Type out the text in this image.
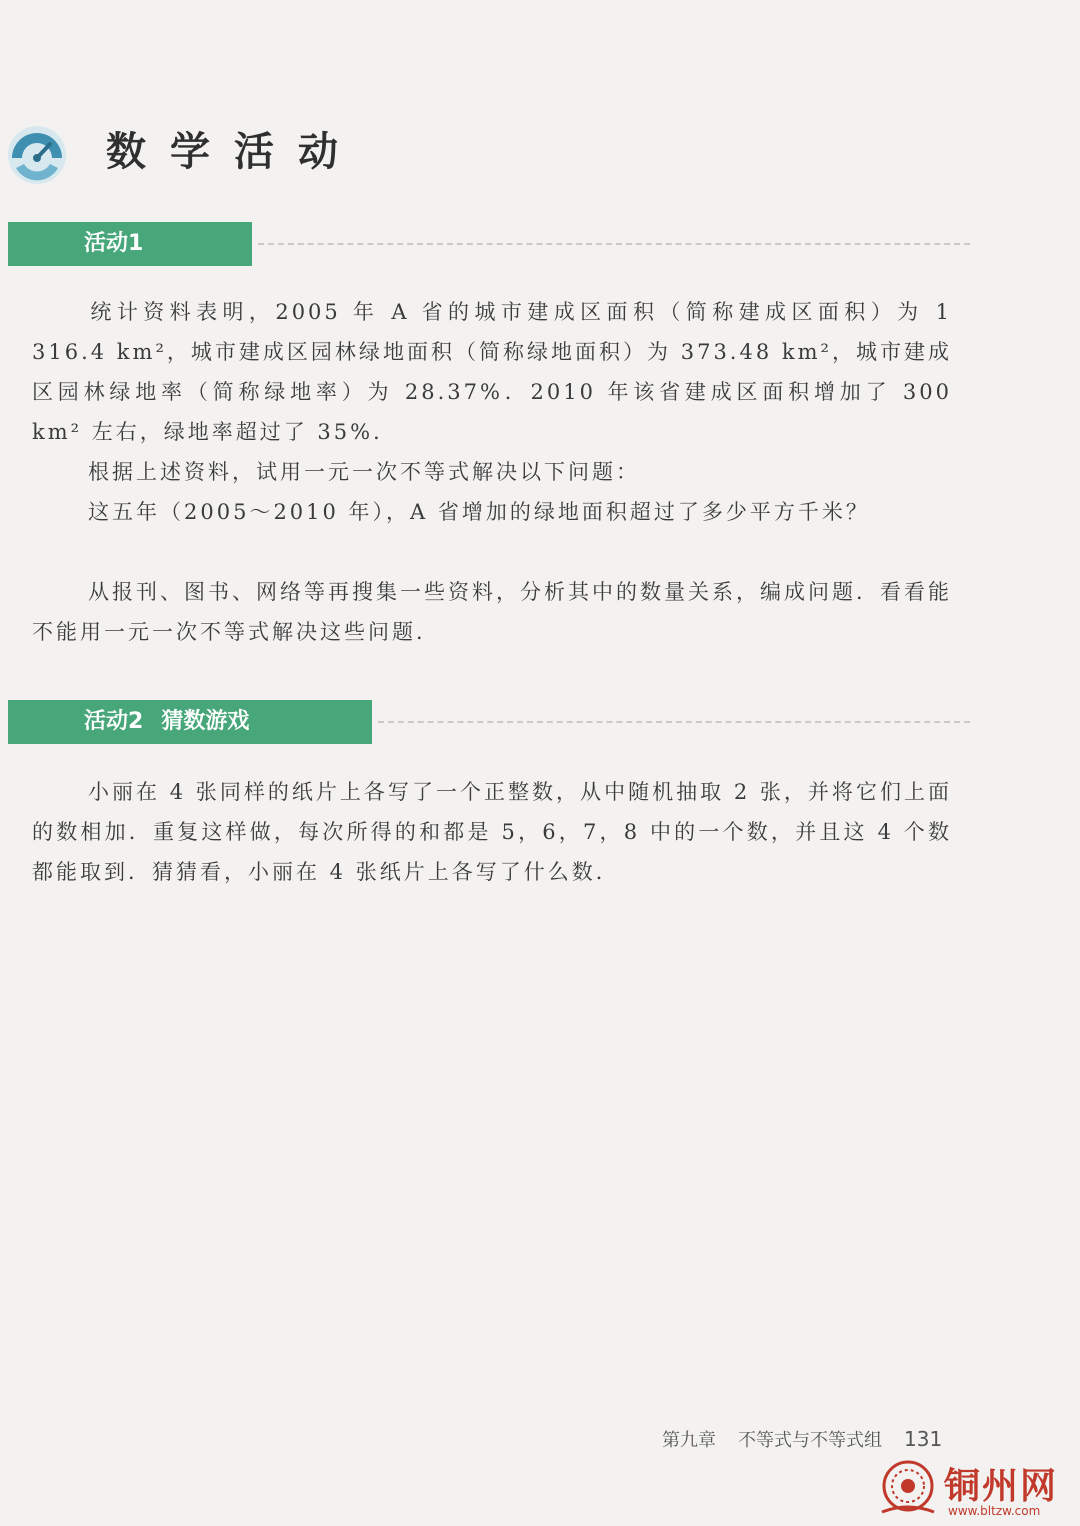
数学活动
活动1

统计资料表明，2005 年 A 省的城市建成区面积（简称建成区面积）为 1 316.4 km²，城市建成区园林绿地面积（简称绿地面积）为 373.48 km²，城市建成区园林绿地率（简称绿地率）为 28.37%．2010 年该省建成区面积增加了 300 km² 左右，绿地率超过了 35%．

根据上述资料，试用一元一次不等式解决以下问题：

这五年（2005～2010 年），A 省增加的绿地面积超过了多少平方千米？

从报刊、图书、网络等再搜集一些资料，分析其中的数量关系，编成问题．看看能不能用一元一次不等式解决这些问题．

活动2 猜数游戏

小丽在 4 张同样的纸片上各写了一个正整数，从中随机抽取 2 张，并将它们上面的数相加．重复这样做，每次所得的和都是 5，6，7，8 中的一个数，并且这 4 个数都能取到．猜猜看，小丽在 4 张纸片上各写了什么数．

第九章 不等式与不等式组 131
铜州网
www.bltzw.com
